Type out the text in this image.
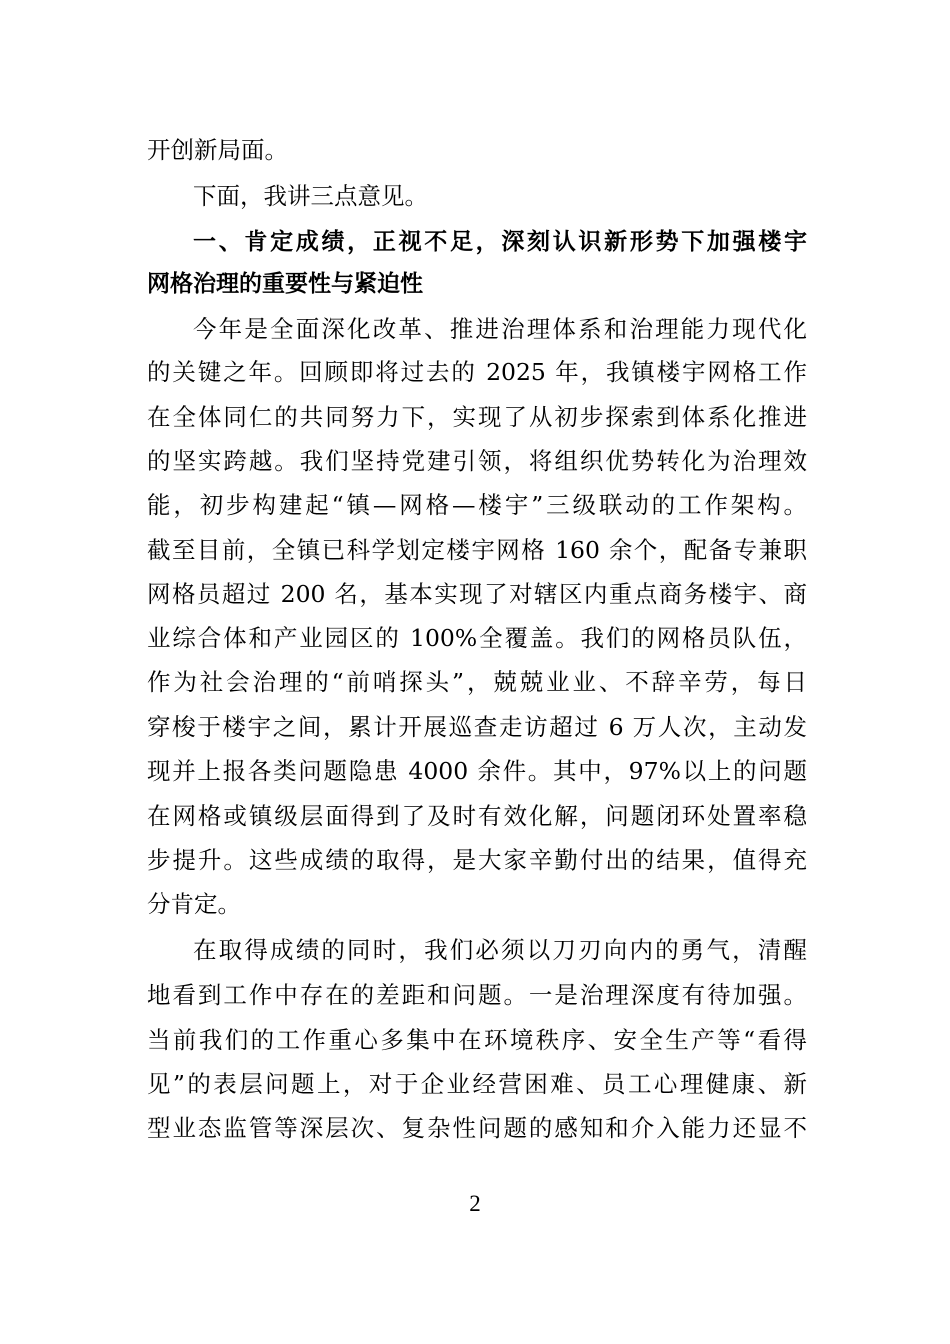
开创新局面。
下面，我讲三点意见。
一、肯定成绩，正视不足，深刻认识新形势下加强楼宇
网格治理的重要性与紧迫性
今年是全面深化改革、推进治理体系和治理能力现代化
的关键之年。回顾即将过去的 2025 年，我镇楼宇网格工作
在全体同仁的共同努力下，实现了从初步探索到体系化推进
的坚实跨越。我们坚持党建引领，将组织优势转化为治理效
能，初步构建起“镇—网格—楼宇”三级联动的工作架构。
截至目前，全镇已科学划定楼宇网格 160 余个，配备专兼职
网格员超过 200 名，基本实现了对辖区内重点商务楼宇、商
业综合体和产业园区的 100%全覆盖。我们的网格员队伍，
作为社会治理的“前哨探头”，兢兢业业、不辞辛劳，每日
穿梭于楼宇之间，累计开展巡查走访超过 6 万人次，主动发
现并上报各类问题隐患 4000 余件。其中，97%以上的问题
在网格或镇级层面得到了及时有效化解，问题闭环处置率稳
步提升。这些成绩的取得，是大家辛勤付出的结果，值得充
分肯定。
在取得成绩的同时，我们必须以刀刃向内的勇气，清醒
地看到工作中存在的差距和问题。一是治理深度有待加强。
当前我们的工作重心多集中在环境秩序、安全生产等“看得
见”的表层问题上，对于企业经营困难、员工心理健康、新
型业态监管等深层次、复杂性问题的感知和介入能力还显不
2
